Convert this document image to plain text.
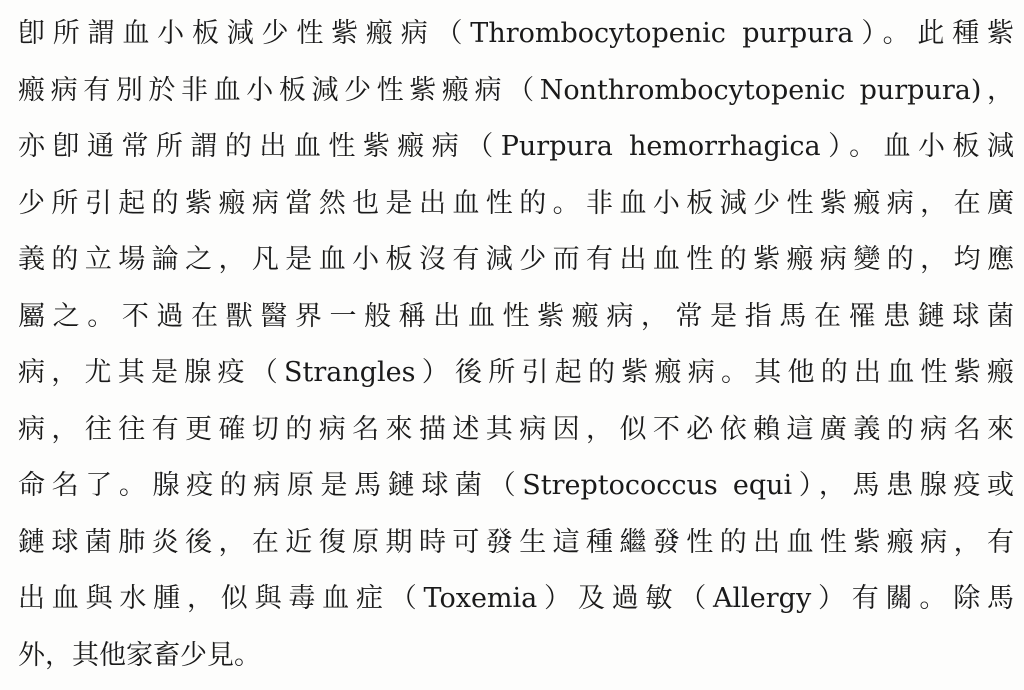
卽所謂血小板減少性紫瘢病（Thrombocytopenic purpura）。此種紫
瘢病有別於非血小板減少性紫瘢病（Nonthrombocytopenic purpura)，
亦卽通常所謂的出血性紫瘢病（Purpura hemorrhagica）。血小板減
少所引起的紫瘢病當然也是出血性的。非血小板減少性紫瘢病，在廣
義的立場論之，凡是血小板沒有減少而有出血性的紫瘢病變的，均應
屬之。不過在獸醫界一般稱出血性紫瘢病，常是指馬在罹患鏈球菌
病，尤其是腺疫（Strangles）後所引起的紫瘢病。其他的出血性紫瘢
病，往往有更確切的病名來描述其病因，似不必依賴這廣義的病名來
命名了。腺疫的病原是馬鏈球菌（Streptococcus equi），馬患腺疫或
鏈球菌肺炎後，在近復原期時可發生這種繼發性的出血性紫瘢病，有
出血與水腫，似與毒血症（Toxemia）及過敏（Allergy）有關。除馬
外，其他家畜少見。
